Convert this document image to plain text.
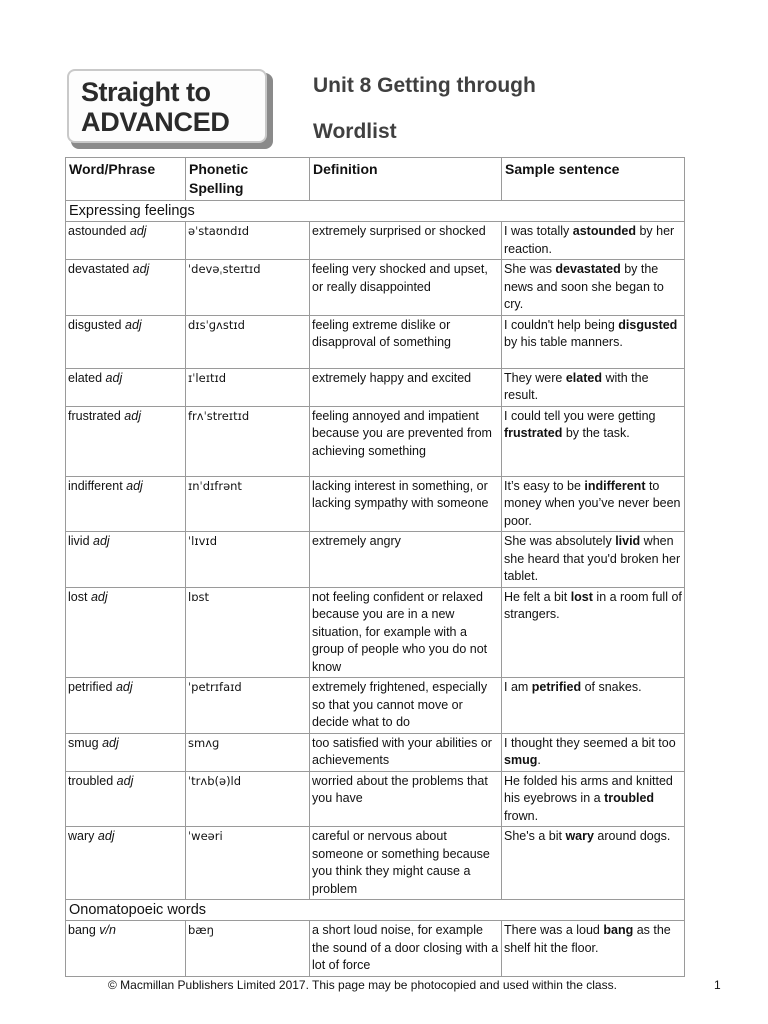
Straight to
ADVANCED
Unit 8 Getting through
Wordlist
Word/Phrase	Phonetic Spelling	Definition	Sample sentence
Expressing feelings			
astounded adj	əˈstaʊndɪd	extremely surprised or shocked	I was totally astounded by her reaction.
devastated adj	ˈdevəˌsteɪtɪd	feeling very shocked and upset, or really disappointed	She was devastated by the news and soon she began to cry.
disgusted adj	dɪsˈɡʌstɪd	feeling extreme dislike or disapproval of something	I couldn't help being disgusted by his table manners.
elated adj	ɪˈleɪtɪd	extremely happy and excited	They were elated with the result.
frustrated adj	frʌˈstreɪtɪd	feeling annoyed and impatient because you are prevented from achieving something	I could tell you were getting frustrated by the task.
indifferent adj	ɪnˈdɪfrənt	lacking interest in something, or lacking sympathy with someone	It’s easy to be indifferent to money when you’ve never been poor.
livid adj	ˈlɪvɪd	extremely angry	She was absolutely livid when she heard that you'd broken her tablet.
lost adj	lɒst	not feeling confident or relaxed because you are in a new situation, for example with a group of people who you do not know	He felt a bit lost in a room full of strangers.
petrified adj	ˈpetrɪfaɪd	extremely frightened, especially so that you cannot move or decide what to do	I am petrified of snakes.
smug adj	smʌɡ	too satisfied with your abilities or achievements	I thought they seemed a bit too smug.
troubled adj	ˈtrʌb(ə)ld	worried about the problems that you have	He folded his arms and knitted his eyebrows in a troubled frown.
wary adj	ˈweəri	careful or nervous about someone or something because you think they might cause a problem	She's a bit wary around dogs.
Onomatopoeic words			
bang v/n	bæŋ	a short loud noise, for example the sound of a door closing with a lot of force	There was a loud bang as the shelf hit the floor.
© Macmillan Publishers Limited 2017. This page may be photocopied and used within the class.	1
